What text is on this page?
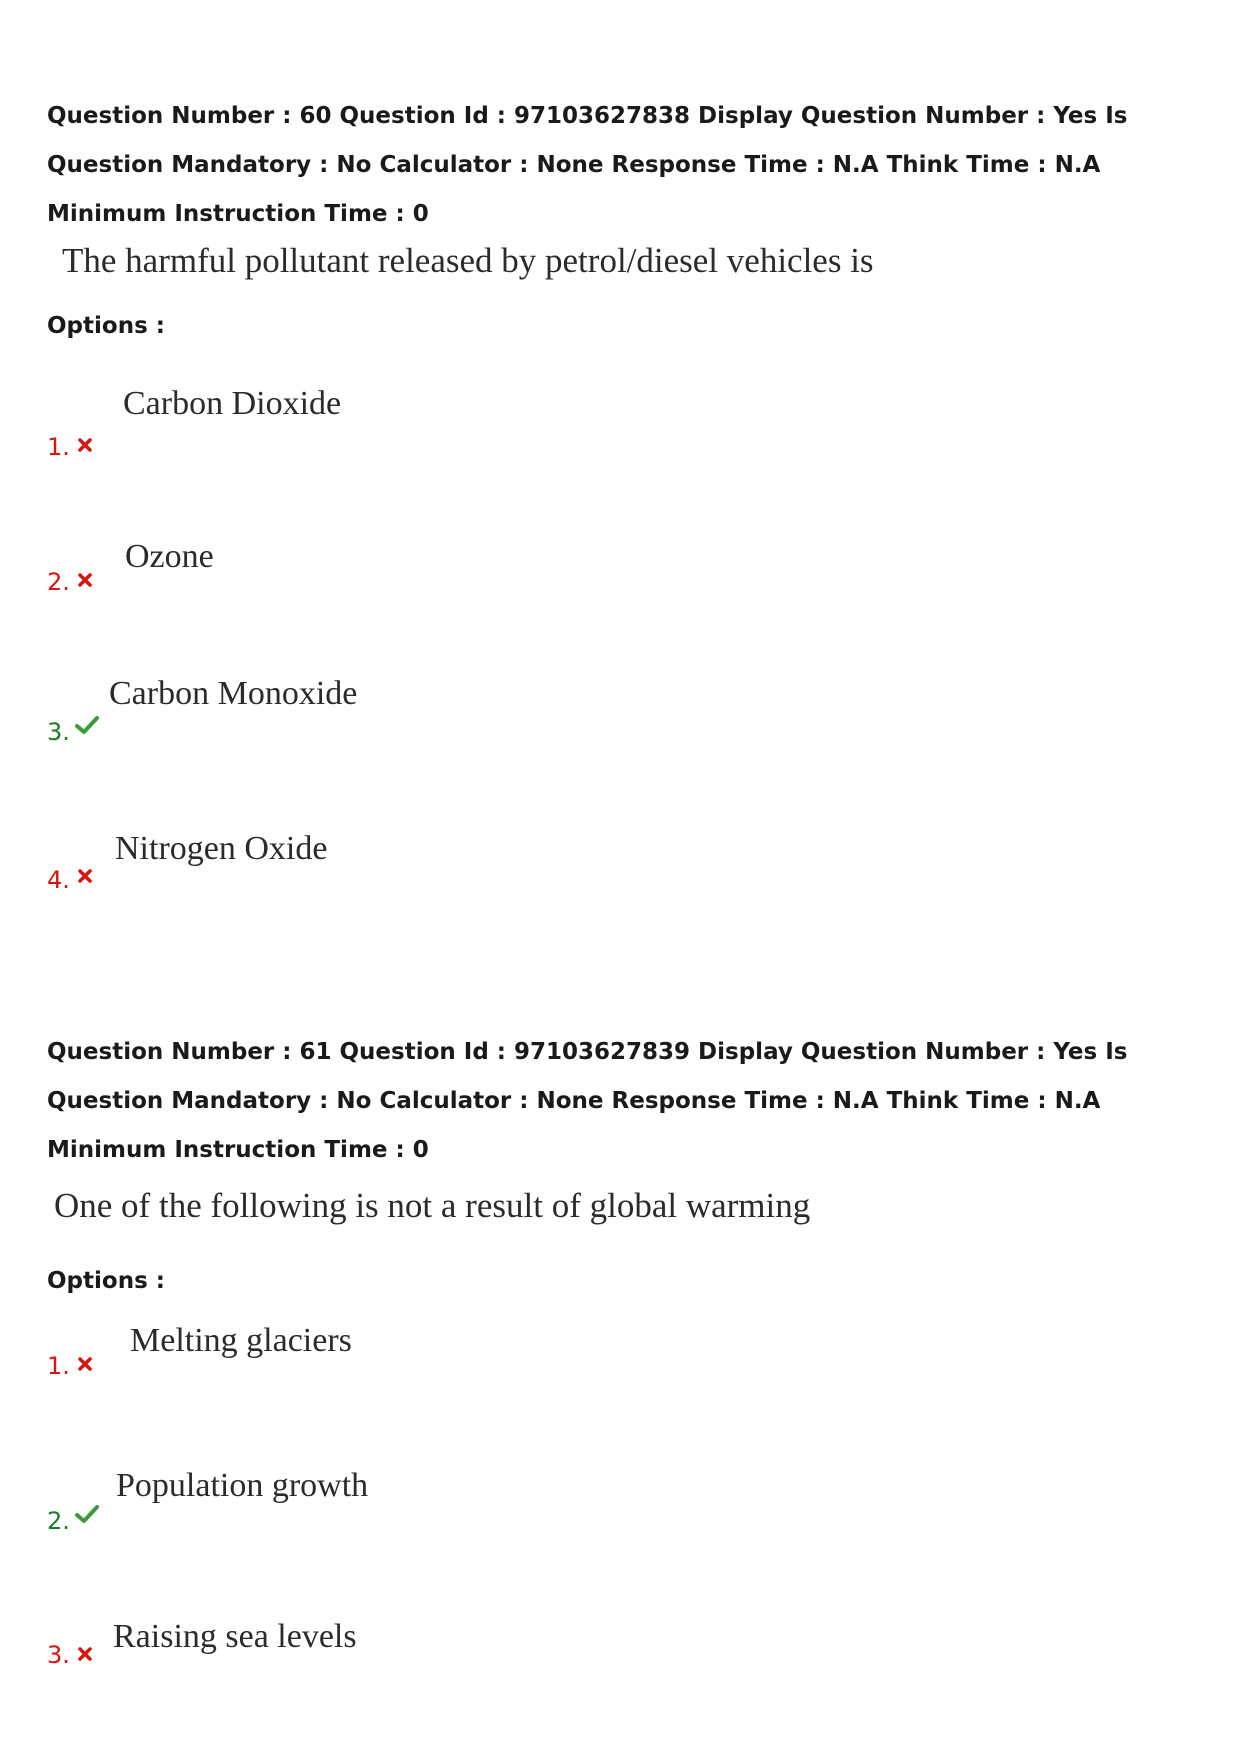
Question Number : 60 Question Id : 97103627838 Display Question Number : Yes Is Question Mandatory : No Calculator : None Response Time : N.A Think Time : N.A Minimum Instruction Time : 0

The harmful pollutant released by petrol/diesel vehicles is

Options :

1.
Carbon Dioxide
2.
Ozone
3.
Carbon Monoxide
4.
Nitrogen Oxide

Question Number : 61 Question Id : 97103627839 Display Question Number : Yes Is Question Mandatory : No Calculator : None Response Time : N.A Think Time : N.A Minimum Instruction Time : 0

One of the following is not a result of global warming

Options :

1.
Melting glaciers
2.
Population growth
3. Raising sea levels
